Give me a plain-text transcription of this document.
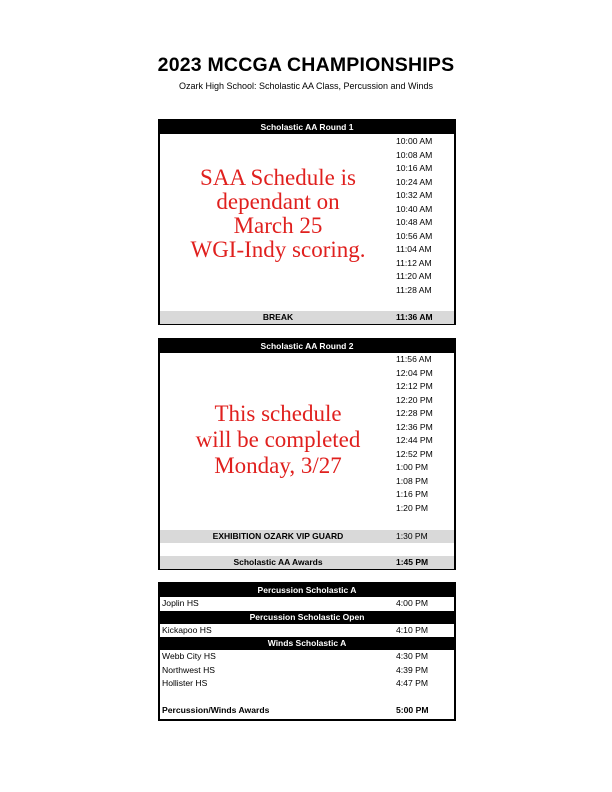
2023 MCCGA CHAMPIONSHIPS
Ozark High School: Scholastic AA Class, Percussion and Winds
Scholastic AA Round 1
SAA Schedule is
dependant on
March 25
WGI-Indy scoring.
10:00 AM
10:08 AM
10:16 AM
10:24 AM
10:32 AM
10:40 AM
10:48 AM
10:56 AM
11:04 AM
11:12 AM
11:20 AM
11:28 AM
BREAK	11:36 AM
Scholastic AA Round 2
This schedule
will be completed
Monday, 3/27
11:56 AM
12:04 PM
12:12 PM
12:20 PM
12:28 PM
12:36 PM
12:44 PM
12:52 PM
1:00 PM
1:08 PM
1:16 PM
1:20 PM
EXHIBITION OZARK VIP GUARD	1:30 PM
Scholastic AA Awards	1:45 PM
Percussion Scholastic A
Joplin HS	4:00 PM
Percussion Scholastic Open
Kickapoo HS	4:10 PM
Winds Scholastic A
Webb City HS	4:30 PM
Northwest HS	4:39 PM
Hollister HS	4:47 PM
Percussion/Winds Awards	5:00 PM
